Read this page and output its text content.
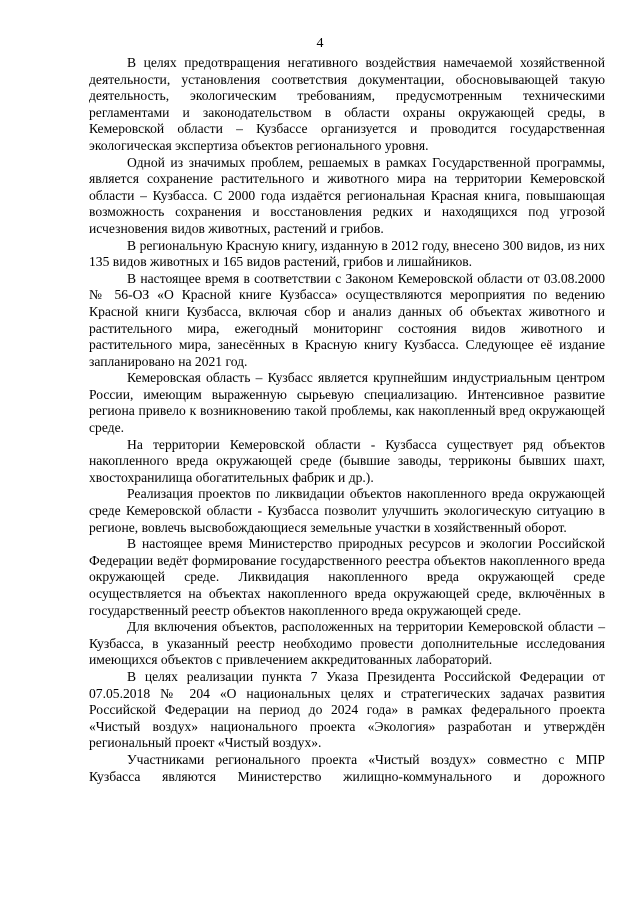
4

В целях предотвращения негативного воздействия намечаемой хозяйственной деятельности, установления соответствия документации, обосновывающей такую деятельность, экологическим требованиям, предусмотренным техническими регламентами и законодательством в области охраны окружающей среды, в Кемеровской области – Кузбассе организуется и проводится государственная экологическая экспертиза объектов регионального уровня.

Одной из значимых проблем, решаемых в рамках Государственной программы, является сохранение растительного и животного мира на территории Кемеровской области – Кузбасса. С 2000 года издаётся региональная Красная книга, повышающая возможность сохранения и восстановления редких и находящихся под угрозой исчезновения видов животных, растений и грибов.

В региональную Красную книгу, изданную в 2012 году, внесено 300 видов, из них 135 видов животных и 165 видов растений, грибов и лишайников.

В настоящее время в соответствии с Законом Кемеровской области от 03.08.2000 № 56-ОЗ «О Красной книге Кузбасса» осуществляются мероприятия по ведению Красной книги Кузбасса, включая сбор и анализ данных об объектах животного и растительного мира, ежегодный мониторинг состояния видов животного и растительного мира, занесённых в Красную книгу Кузбасса. Следующее её издание запланировано на 2021 год.

Кемеровская область – Кузбасс является крупнейшим индустриальным центром России, имеющим выраженную сырьевую специализацию. Интенсивное развитие региона привело к возникновению такой проблемы, как накопленный вред окружающей среде.

На территории Кемеровской области - Кузбасса существует ряд объектов накопленного вреда окружающей среде (бывшие заводы, терриконы бывших шахт, хвостохранилища обогатительных фабрик и др.).

Реализация проектов по ликвидации объектов накопленного вреда окружающей среде Кемеровской области - Кузбасса позволит улучшить экологическую ситуацию в регионе, вовлечь высвобождающиеся земельные участки в хозяйственный оборот.

В настоящее время Министерство природных ресурсов и экологии Российской Федерации ведёт формирование государственного реестра объектов накопленного вреда окружающей среде. Ликвидация накопленного вреда окружающей среде осуществляется на объектах накопленного вреда окружающей среде, включённых в государственный реестр объектов накопленного вреда окружающей среде.

Для включения объектов, расположенных на территории Кемеровской области – Кузбасса, в указанный реестр необходимо провести дополнительные исследования имеющихся объектов с привлечением аккредитованных лабораторий.

В целях реализации пункта 7 Указа Президента Российской Федерации от 07.05.2018 № 204 «О национальных целях и стратегических задачах развития Российской Федерации на период до 2024 года» в рамках федерального проекта «Чистый воздух» национального проекта «Экология» разработан и утверждён региональный проект «Чистый воздух».

Участниками регионального проекта «Чистый воздух» совместно с МПР Кузбасса являются Министерство жилищно-коммунального и дорожного
